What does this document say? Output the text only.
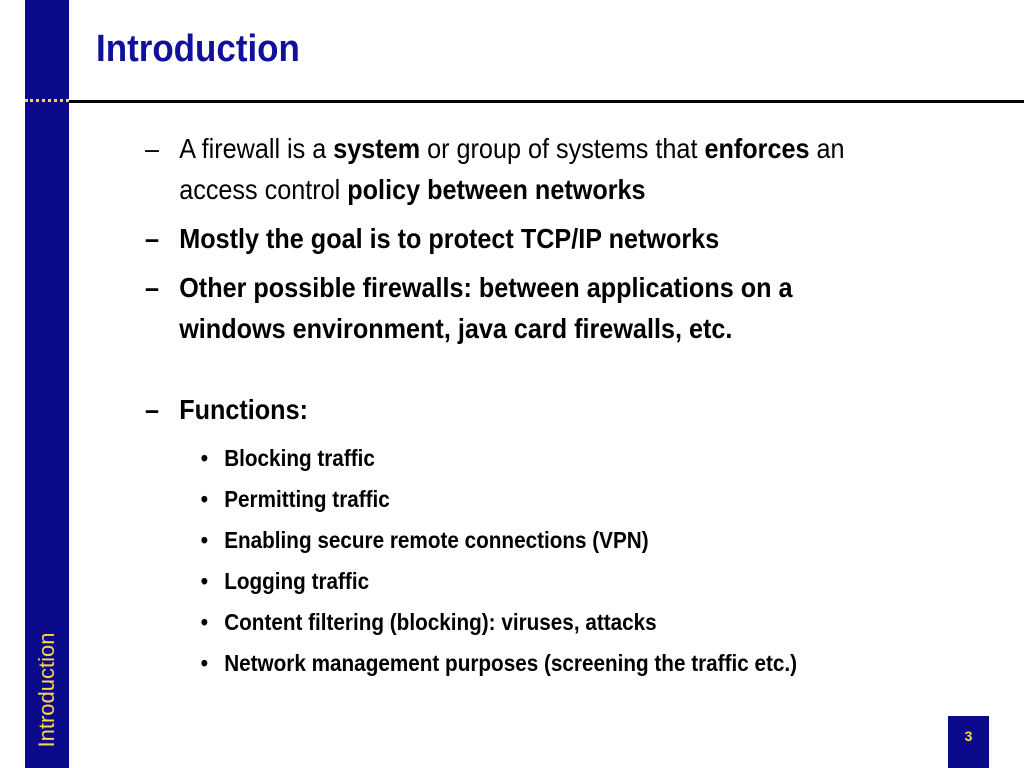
Introduction
Introduction
– A firewall is a system or group of systems that enforces an access control policy between networks
– Mostly the goal is to protect TCP/IP networks
– Other possible firewalls: between applications on a windows environment, java card firewalls, etc.
– Functions:
• Blocking traffic
• Permitting traffic
• Enabling secure remote connections (VPN)
• Logging traffic
• Content filtering (blocking): viruses, attacks
• Network management purposes (screening the traffic etc.)
3
